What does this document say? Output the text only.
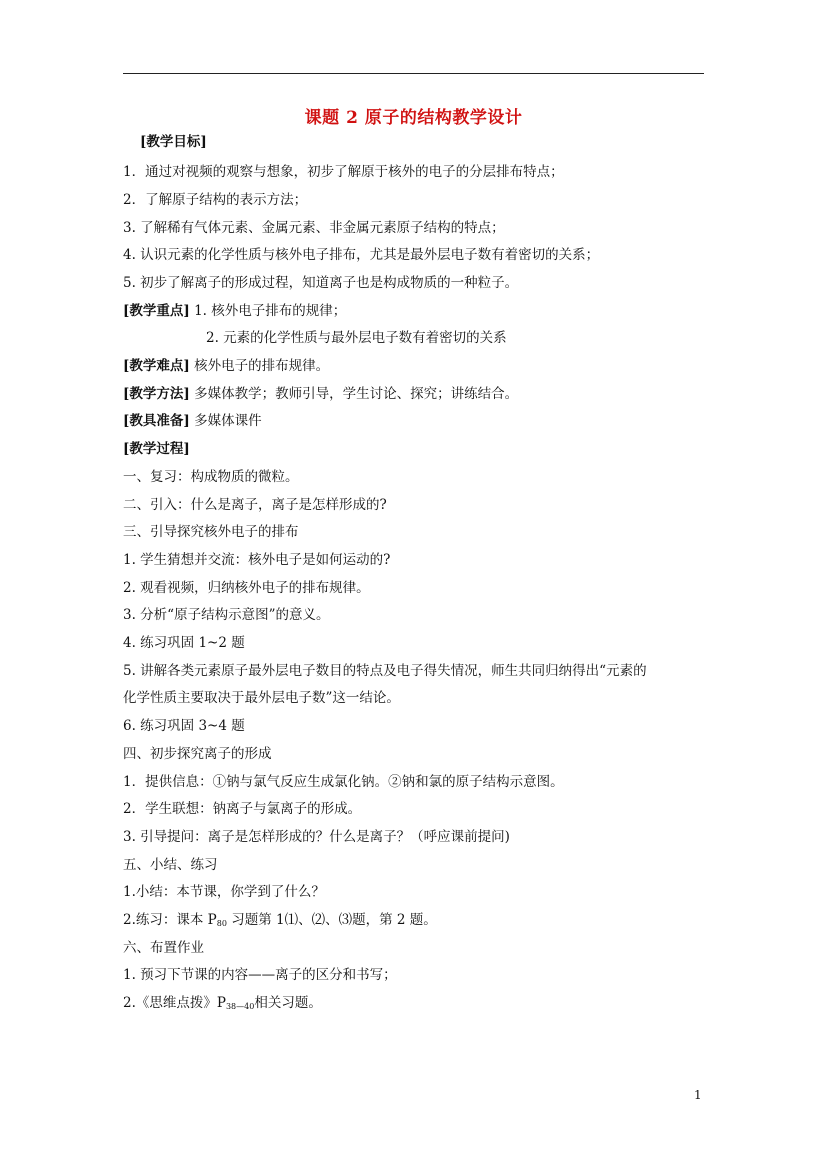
课题 2 原子的结构教学设计
[教学目标]
1．通过对视频的观察与想象，初步了解原于核外的电子的分层排布特点；
2．了解原子结构的表示方法；
3. 了解稀有气体元素、金属元素、非金属元素原子结构的特点；
4. 认识元素的化学性质与核外电子排布，尤其是最外层电子数有着密切的关系；
5. 初步了解离子的形成过程，知道离子也是构成物质的一种粒子。
[教学重点] 1. 核外电子排布的规律；
2. 元素的化学性质与最外层电子数有着密切的关系
[教学难点] 核外电子的排布规律。
[教学方法] 多媒体教学；教师引导，学生讨论、探究；讲练结合。
[教具准备] 多媒体课件
[教学过程]
一、复习：构成物质的微粒。
二、引入：什么是离子，离子是怎样形成的?
三、引导探究核外电子的排布
1. 学生猜想并交流：核外电子是如何运动的?
2. 观看视频，归纳核外电子的排布规律。
3. 分析“原子结构示意图”的意义。
4. 练习巩固 1~2 题
5. 讲解各类元素原子最外层电子数目的特点及电子得失情况，师生共同归纳得出“元素的
化学性质主要取决于最外层电子数”这一结论。
6. 练习巩固 3~4 题
四、初步探究离子的形成
1．提供信息：①钠与氯气反应生成氯化钠。②钠和氯的原子结构示意图。
2．学生联想：钠离子与氯离子的形成。
3. 引导提问：离子是怎样形成的？什么是离子？（呼应课前提问)
五、小结、练习
1.小结：本节课，你学到了什么？
2.练习：课本 $P_{80}$ 习题第 1⑴、⑵、⑶题，第 2 题。
六、布置作业
1. 预习下节课的内容——离子的区分和书写；
2.《思维点拨》$P_{38—40}$相关习题。
1
